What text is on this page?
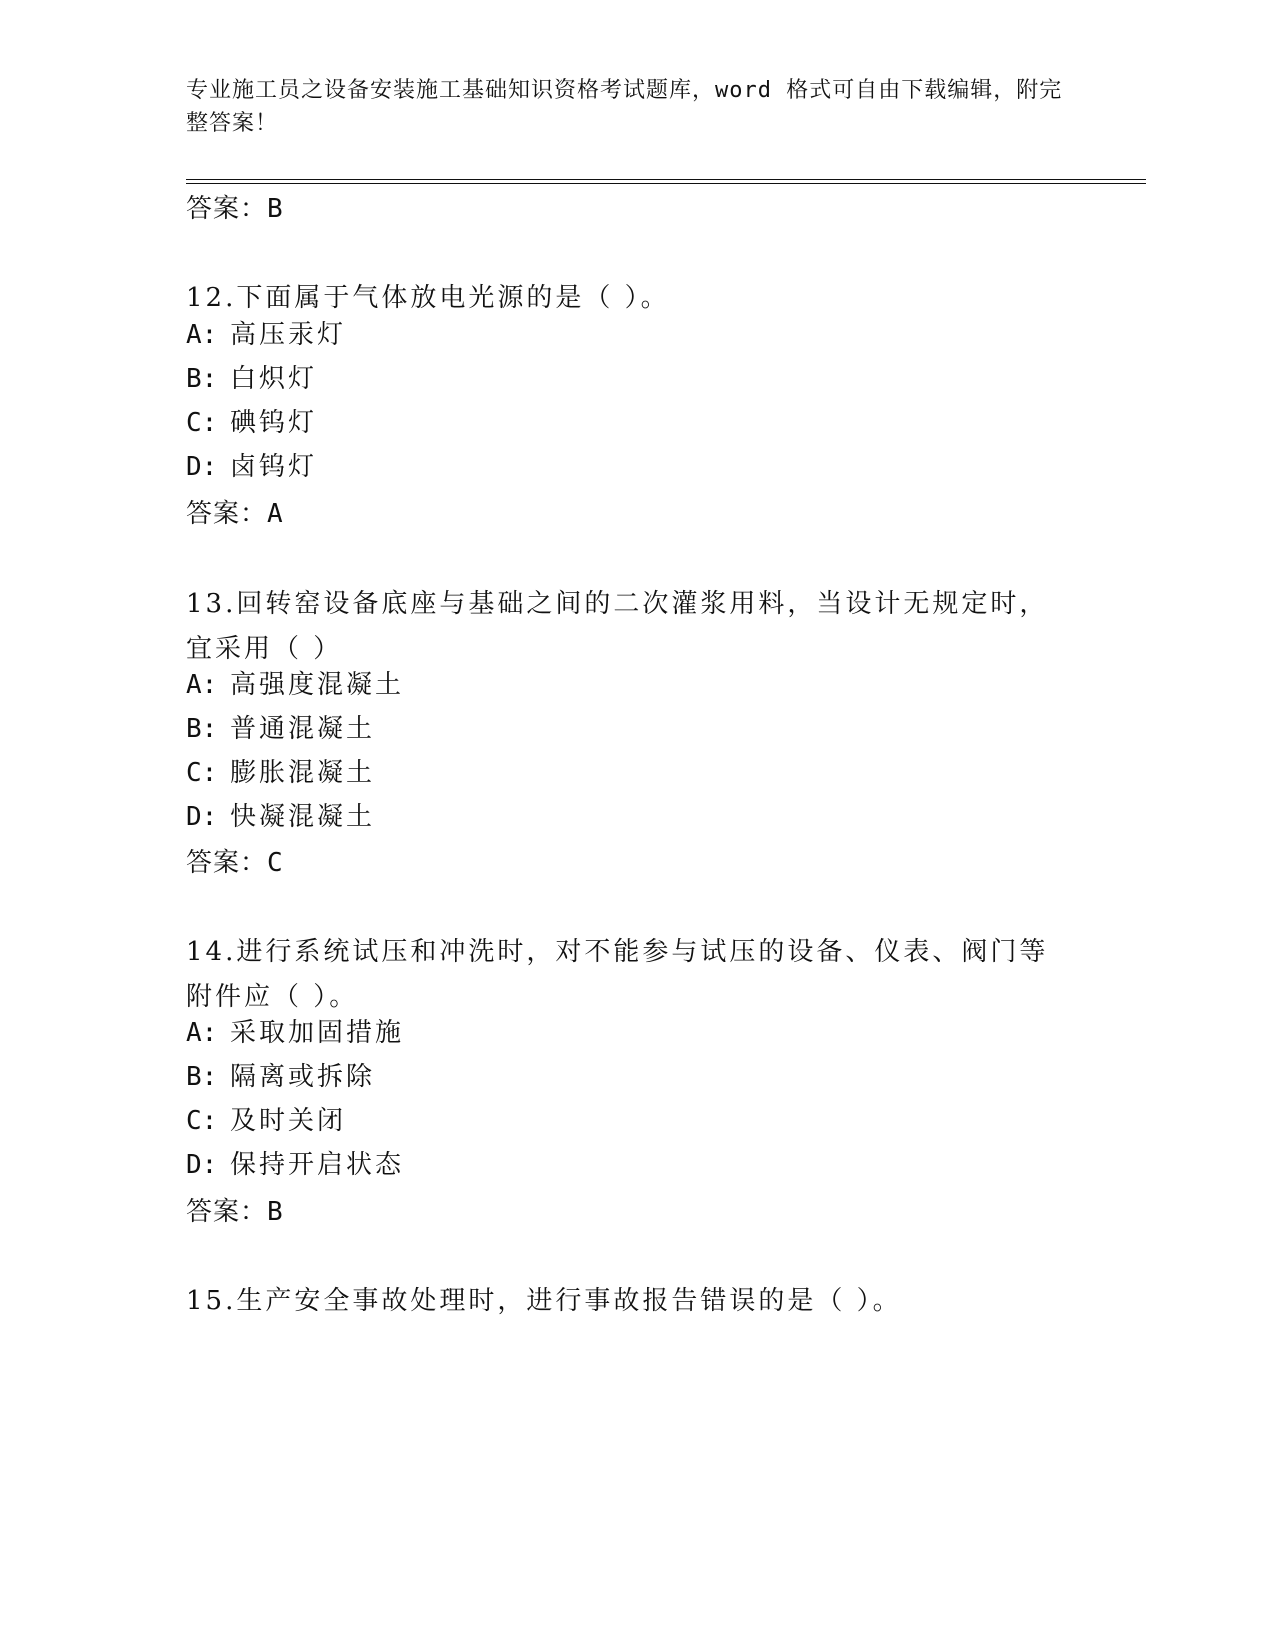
专业施工员之设备安装施工基础知识资格考试题库，word 格式可自由下载编辑，附完整答案！
答案：B
12.下面属于气体放电光源的是（ ）。
A: 高压汞灯
B: 白炽灯
C: 碘钨灯
D: 卤钨灯
答案：A
13.回转窑设备底座与基础之间的二次灌浆用料，当设计无规定时，宜采用（ ）
A: 高强度混凝土
B: 普通混凝土
C: 膨胀混凝土
D: 快凝混凝土
答案：C
14.进行系统试压和冲洗时，对不能参与试压的设备、仪表、阀门等附件应（ ）。
A: 采取加固措施
B: 隔离或拆除
C: 及时关闭
D: 保持开启状态
答案：B
15.生产安全事故处理时，进行事故报告错误的是（ ）。
